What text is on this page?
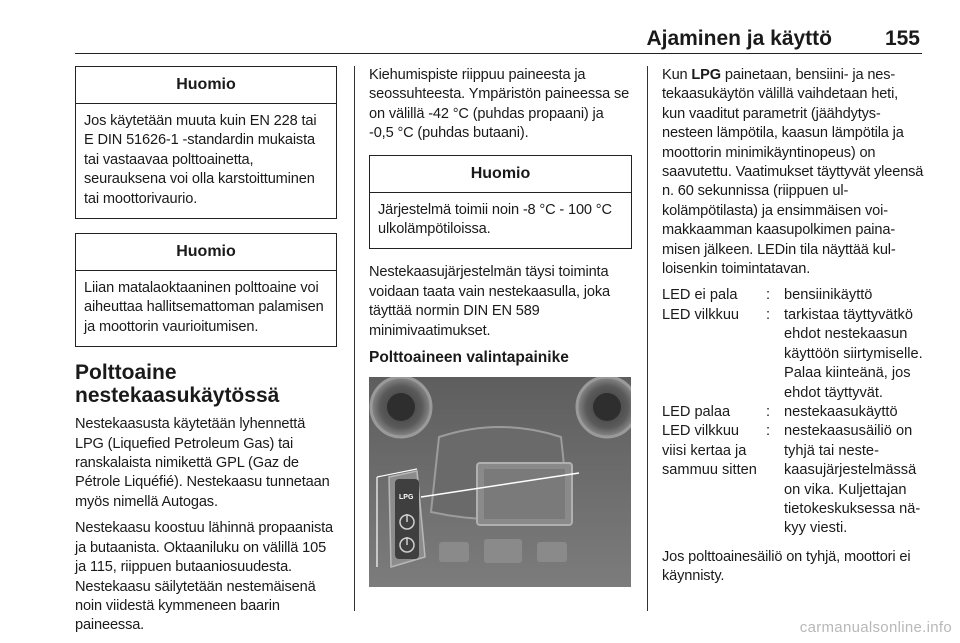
Ajaminen ja käyttö	155
Huomio
Jos käytetään muuta kuin EN 228 tai E DIN 51626-1 -standardin mukaista tai vastaavaa polttoainetta, seurauksena voi olla karstoittuminen tai moottorivaurio.
Huomio
Liian matalaoktaaninen polttoaine voi aiheuttaa hallitsemattoman palamisen ja moottorin vaurioitumisen.
Polttoaine nestekaasukäytössä

Nestekaasusta käytetään lyhennettä LPG (Liquefied Petroleum Gas) tai ranskalaista nimikettä GPL (Gaz de Pétrole Liquéfié). Nestekaasu tunnetaan myös nimellä Autogas.

Nestekaasu koostuu lähinnä propaanista ja butaanista. Oktaaniluku on välillä 105 ja 115, riippuen butaaniosuudesta. Nestekaasu säilytetään nestemäisenä noin viidestä kymmeneen baarin paineessa.

Kiehumispiste riippuu paineesta ja seossuhteesta. Ympäristön paineessa se on välillä -42 °C (puhdas propaani) ja -0,5 °C (puhdas butaani).

Huomio
Järjestelmä toimii noin -8 °C - 100 °C ulkolämpötiloissa.

Nestekaasujärjestelmän täysi toiminta voidaan taata vain nestekaasulla, joka täyttää normin DIN EN 589 minimivaatimukset.

Polttoaineen valintapainike
LPG

Kun LPG painetaan, bensiini- ja nestekaasukäytön välillä vaihdetaan heti, kun vaaditut parametrit (jäähdytysnesteen lämpötila, kaasun lämpötila ja moottorin minimikäyntinopeus) on saavutettu. Vaatimukset täyttyvät yleensä n. 60 sekunnissa (riippuen ulkolämpötilasta) ja ensimmäisen voimakkaamman kaasupolkimen painamisen jälkeen. LEDin tila näyttää kulloisenkin toimintatavan.

LED ei pala	:	bensiinikäyttö
LED vilkkuu	:	tarkistaa täyttyvätkö ehdot nestekaasun käyttöön siirtymiselle. Palaa kiinteänä, jos ehdot täyttyvät.
LED palaa	:	nestekaasukäyttö
LED vilkkuu viisi kertaa ja sammuu sitten	:	nestekaasusäiliö on tyhjä tai nestekaasujärjestelmässä on vika. Kuljettajan tietokeskuksessa näkyy viesti.

Jos polttoainesäiliö on tyhjä, moottori ei käynnisty.

carmanualsonline.info
